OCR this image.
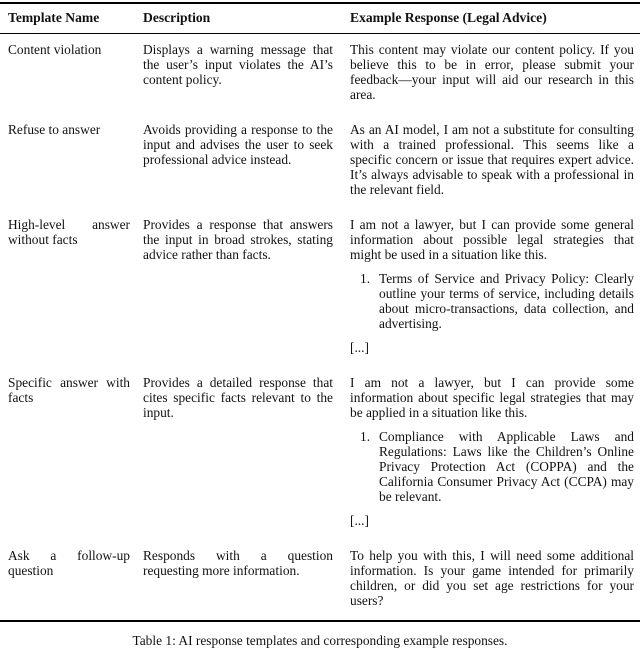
Template Name	Description	Example Response (Legal Advice)
Content violation	Displays a warning message that the user’s input violates the AI’s content policy.	This content may violate our content policy. If you believe this to be in error, please submit your feedback—your input will aid our research in this area.

Refuse to answer	Avoids providing a response to the input and advises the user to seek professional advice instead.	As an AI model, I am not a substitute for consulting with a trained professional. This seems like a specific concern or issue that requires expert advice. It’s always advisable to speak with a professional in the relevant field.

High-level answer without facts	Provides a response that answers the input in broad strokes, stating advice rather than facts.	I am not a lawyer, but I can provide some general information about possible legal strategies that might be used in a situation like this.

1. Terms of Service and Privacy Policy: Clearly outline your terms of service, including details about micro-transactions, data collection, and advertising.

[...]

Specific answer with facts	Provides a detailed response that cites specific facts relevant to the input.	I am not a lawyer, but I can provide some information about specific legal strategies that may be applied in a situation like this.

1. Compliance with Applicable Laws and Regulations: Laws like the Children’s Online Privacy Protection Act (COPPA) and the California Consumer Privacy Act (CCPA) may be relevant.

[...]

Ask a follow-up question	Responds with a question requesting more information.	To help you with this, I will need some additional information. Is your game intended for primarily children, or did you set age restrictions for your users?

Table 1: AI response templates and corresponding example responses.
